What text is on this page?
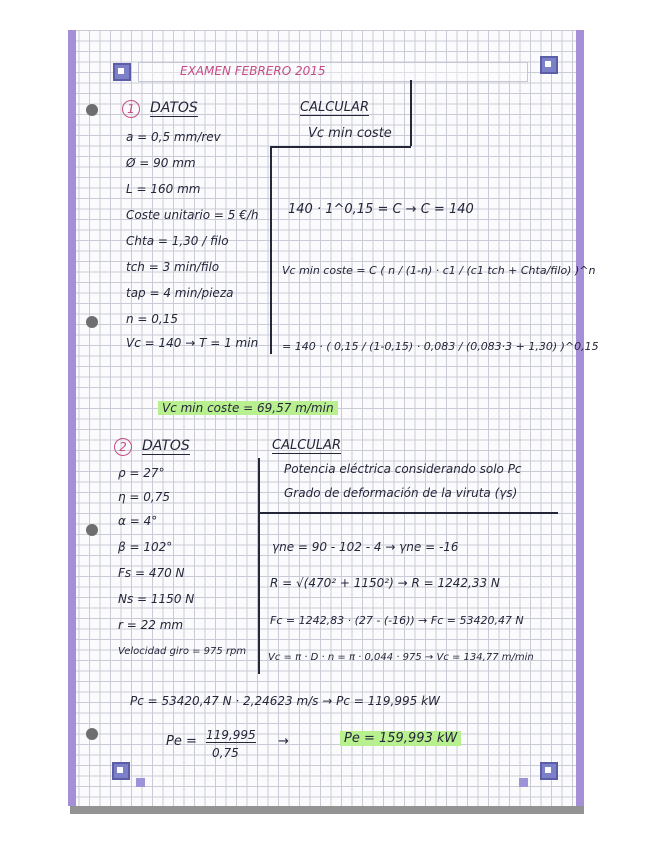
EXAMEN FEBRERO 2015
1	DATOS	CALCULAR
Vc min coste
a = 0,5 mm/rev
Ø = 90 mm
L = 160 mm
Coste unitario = 5 €/h
Chta = 1,30 / filo
tch = 3 min/filo
tap = 4 min/pieza
n = 0,15
Vc = 140 → T = 1 min
140 · 1^0,15 = C → C = 140
Vc min coste = C ( n / (1-n) · c1 / (c1 tch + Chta/filo) )^n
= 140 · ( 0,15 / (1-0,15) · 0,083 / (0,083·3 + 1,30) )^0,15
Vc min coste = 69,57 m/min
2	DATOS	CALCULAR
Potencia eléctrica considerando solo Pc
Grado de deformación de la viruta (γs)
ρ = 27°
η = 0,75
α = 4°
β = 102°
Fs = 470 N
Ns = 1150 N
r = 22 mm
Velocidad giro = 975 rpm
γne = 90 - 102 - 4 → γne = -16
R = √(470² + 1150²) → R = 1242,33 N
Fc = 1242,83 · (27 - (-16)) → Fc = 53420,47 N
Vc = π · D · n = π · 0,044 · 975 → Vc = 134,77 m/min
Pc = 53420,47 N · 2,24623 m/s → Pc = 119,995 kW
Pe = 119,995
0,75
→	Pe = 159,993 kW
